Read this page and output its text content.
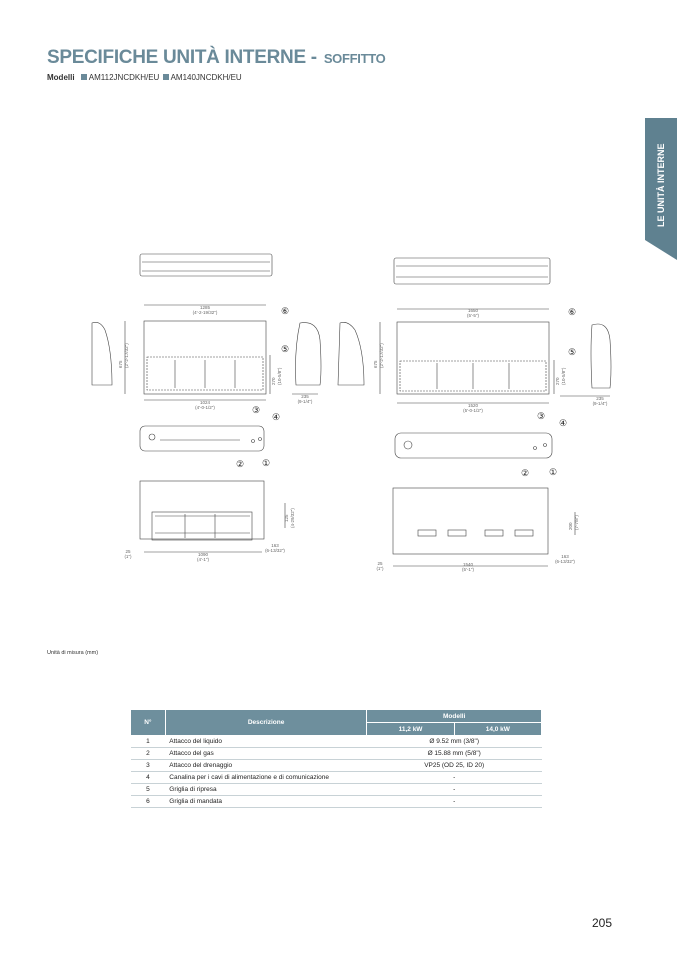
SPECIFICHE UNITÀ INTERNE - SOFFITTO
Modelli AM112JNCDKH/EU AM140JNCDKH/EU
LE UNITÀ INTERNE
1285
(4'-2-19/32")
1024
(4'-0-1/2")
235
(9-1/4")
1090
(4'-1")
163
(6-13/32")
25
(1")
1650
(5'-5")
1520
(5'-0-1/2")
235
(9-1/4")
1540
(5'-1")
163
(6-13/32")
25
(1")
675 (2'-2-17/32")
270 (10-5/8")
125 (4-29/32")
675 (2'-2-17/32")
270 (10-5/8")
200 (7-7/8")
⑥
⑤
③
④
② ①
⑥
⑤
③
④
② ①
Unità di misura (mm)
N°	Descrizione	Modelli	
		11,2 kW	14,0 kW
1	Attacco del liquido	Ø 9.52 mm (3/8")	
2	Attacco del gas	Ø 15.88 mm (5/8")	
3	Attacco del drenaggio	VP25 (OD 25, ID 20)	
4	Canalina per i cavi di alimentazione e di comunicazione	-	
5	Griglia di ripresa	-	
6	Griglia di mandata	-	
205
